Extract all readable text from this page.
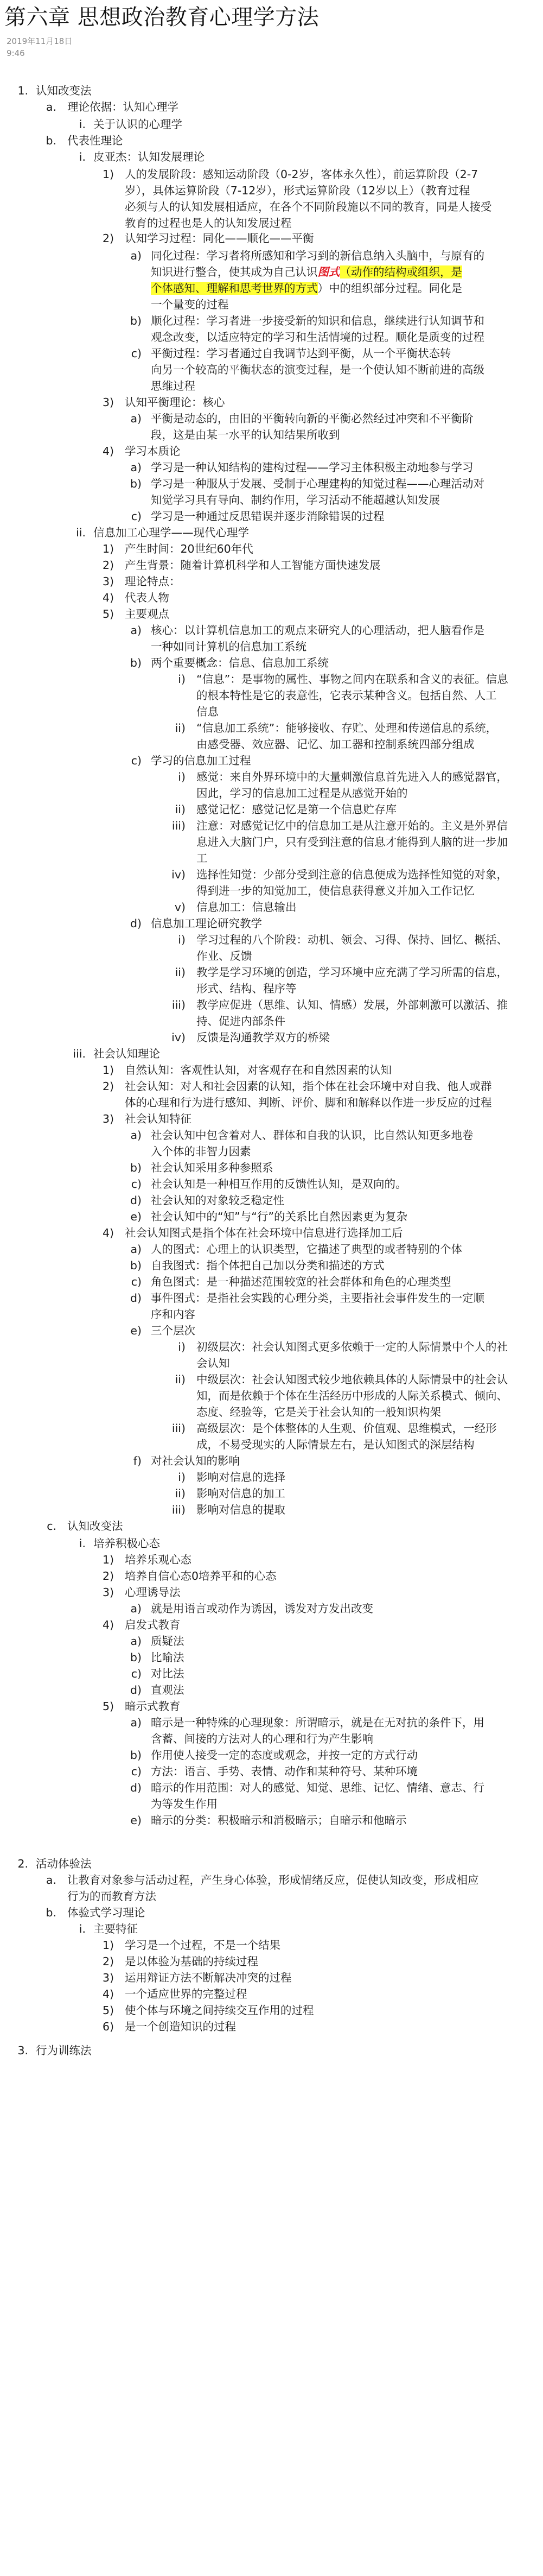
第六章 思想政治教育心理学方法
2019年11月18日
9:46
1. 认知改变法
a. 理论依据：认知心理学
i. 关于认识的心理学
b. 代表性理论
i. 皮亚杰：认知发展理论
1) 人的发展阶段：感知运动阶段（0-2岁，客体永久性），前运算阶段（2-7
岁），具体运算阶段（7-12岁），形式运算阶段（12岁以上）（教育过程
必须与人的认知发展相适应，在各个不同阶段施以不同的教育，同是人接受
教育的过程也是人的认知发展过程
2) 认知学习过程：同化——顺化——平衡
a) 同化过程：学习者将所感知和学习到的新信息纳入头脑中，与原有的
知识进行整合，使其成为自己认识图式（动作的结构或组织，是
个体感知、理解和思考世界的方式）中的组织部分过程。同化是
一个量变的过程
b) 顺化过程：学习者进一步接受新的知识和信息，继续进行认知调节和
观念改变，以适应特定的学习和生活情境的过程。顺化是质变的过程
c) 平衡过程：学习者通过自我调节达到平衡，从一个平衡状态转
向另一个较高的平衡状态的演变过程，是一个使认知不断前进的高级
思维过程
3) 认知平衡理论：核心
a) 平衡是动态的，由旧的平衡转向新的平衡必然经过冲突和不平衡阶
段，这是由某一水平的认知结果所收到
4) 学习本质论
a) 学习是一种认知结构的建构过程——学习主体积极主动地参与学习
b) 学习是一种服从于发展、受制于心理建构的知觉过程——心理活动对
知觉学习具有导向、制约作用，学习活动不能超越认知发展
c) 学习是一种通过反思错误并逐步消除错误的过程
ii. 信息加工心理学——现代心理学
1) 产生时间：20世纪60年代
2) 产生背景：随着计算机科学和人工智能方面快速发展
3) 理论特点：
4) 代表人物
5) 主要观点
a) 核心：以计算机信息加工的观点来研究人的心理活动，把人脑看作是
一种如同计算机的信息加工系统
b) 两个重要概念：信息、信息加工系统
i) “信息”：是事物的属性、事物之间内在联系和含义的表征。信息
的根本特性是它的表意性，它表示某种含义。包括自然、人工
信息
ii) “信息加工系统”：能够接收、存贮、处理和传递信息的系统，
由感受器、效应器、记忆、加工器和控制系统四部分组成
c) 学习的信息加工过程
i) 感觉：来自外界环境中的大量刺激信息首先进入人的感觉器官，
因此，学习的信息加工过程是从感觉开始的
ii) 感觉记忆：感觉记忆是第一个信息贮存库
iii) 注意：对感觉记忆中的信息加工是从注意开始的。主义是外界信
息进入大脑门户，只有受到注意的信息才能得到人脑的进一步加
工
iv) 选择性知觉：少部分受到注意的信息便成为选择性知觉的对象，
得到进一步的知觉加工，使信息获得意义并加入工作记忆
v) 信息加工：信息输出
d) 信息加工理论研究教学
i) 学习过程的八个阶段：动机、领会、习得、保持、回忆、概括、
作业、反馈
ii) 教学是学习环境的创造，学习环境中应充满了学习所需的信息，
形式、结构、程序等
iii) 教学应促进（思维、认知、情感）发展，外部刺激可以激活、推
持、促进内部条件
iv) 反馈是沟通教学双方的桥梁
iii. 社会认知理论
1) 自然认知：客观性认知，对客观存在和自然因素的认知
2) 社会认知：对人和社会因素的认知，指个体在社会环境中对自我、他人或群
体的心理和行为进行感知、判断、评价、脚和和解释以作进一步反应的过程
3) 社会认知特征
a) 社会认知中包含着对人、群体和自我的认识，比自然认知更多地卷
入个体的非智力因素
b) 社会认知采用多种参照系
c) 社会认知是一种相互作用的反馈性认知，是双向的。
d) 社会认知的对象较乏稳定性
e) 社会认知中的“知”与“行”的关系比自然因素更为复杂
4) 社会认知图式是指个体在社会环境中信息进行选择加工后
a) 人的图式：心理上的认识类型，它描述了典型的或者特别的个体
b) 自我图式：指个体把自己加以分类和描述的方式
c) 角色图式：是一种描述范围较宽的社会群体和角色的心理类型
d) 事件图式：是指社会实践的心理分类，主要指社会事件发生的一定顺
序和内容
e) 三个层次
i) 初级层次：社会认知图式更多依赖于一定的人际情景中个人的社
会认知
ii) 中级层次：社会认知图式较少地依赖具体的人际情景中的社会认
知，而是依赖于个体在生活经历中形成的人际关系模式、倾向、
态度、经验等，它是关于社会认知的一般知识构架
iii) 高级层次：是个体整体的人生观、价值观、思维模式，一经形
成，不易受现实的人际情景左右，是认知图式的深层结构
f) 对社会认知的影响
i) 影响对信息的选择
ii) 影响对信息的加工
iii) 影响对信息的提取
c. 认知改变法
i. 培养积极心态
1) 培养乐观心态
2) 培养自信心态0培养平和的心态
3) 心理诱导法
a) 就是用语言或动作为诱因，诱发对方发出改变
4) 启发式教育
a) 质疑法
b) 比喻法
c) 对比法
d) 直观法
5) 暗示式教育
a) 暗示是一种特殊的心理现象：所谓暗示，就是在无对抗的条件下，用
含蓄、间接的方法对人的心理和行为产生影响
b) 作用使人接受一定的态度或观念，并按一定的方式行动
c) 方法：语言、手势、表情、动作和某种符号、某种环境
d) 暗示的作用范围：对人的感觉、知觉、思维、记忆、情绪、意志、行
为等发生作用
e) 暗示的分类：积极暗示和消极暗示；自暗示和他暗示
2. 活动体验法
a. 让教育对象参与活动过程，产生身心体验，形成情绪反应，促使认知改变，形成相应
行为的而教育方法
b. 体验式学习理论
i. 主要特征
1) 学习是一个过程，不是一个结果
2) 是以体验为基础的持续过程
3) 运用辩证方法不断解决冲突的过程
4) 一个适应世界的完整过程
5) 使个体与环境之间持续交互作用的过程
6) 是一个创造知识的过程
3. 行为训练法
